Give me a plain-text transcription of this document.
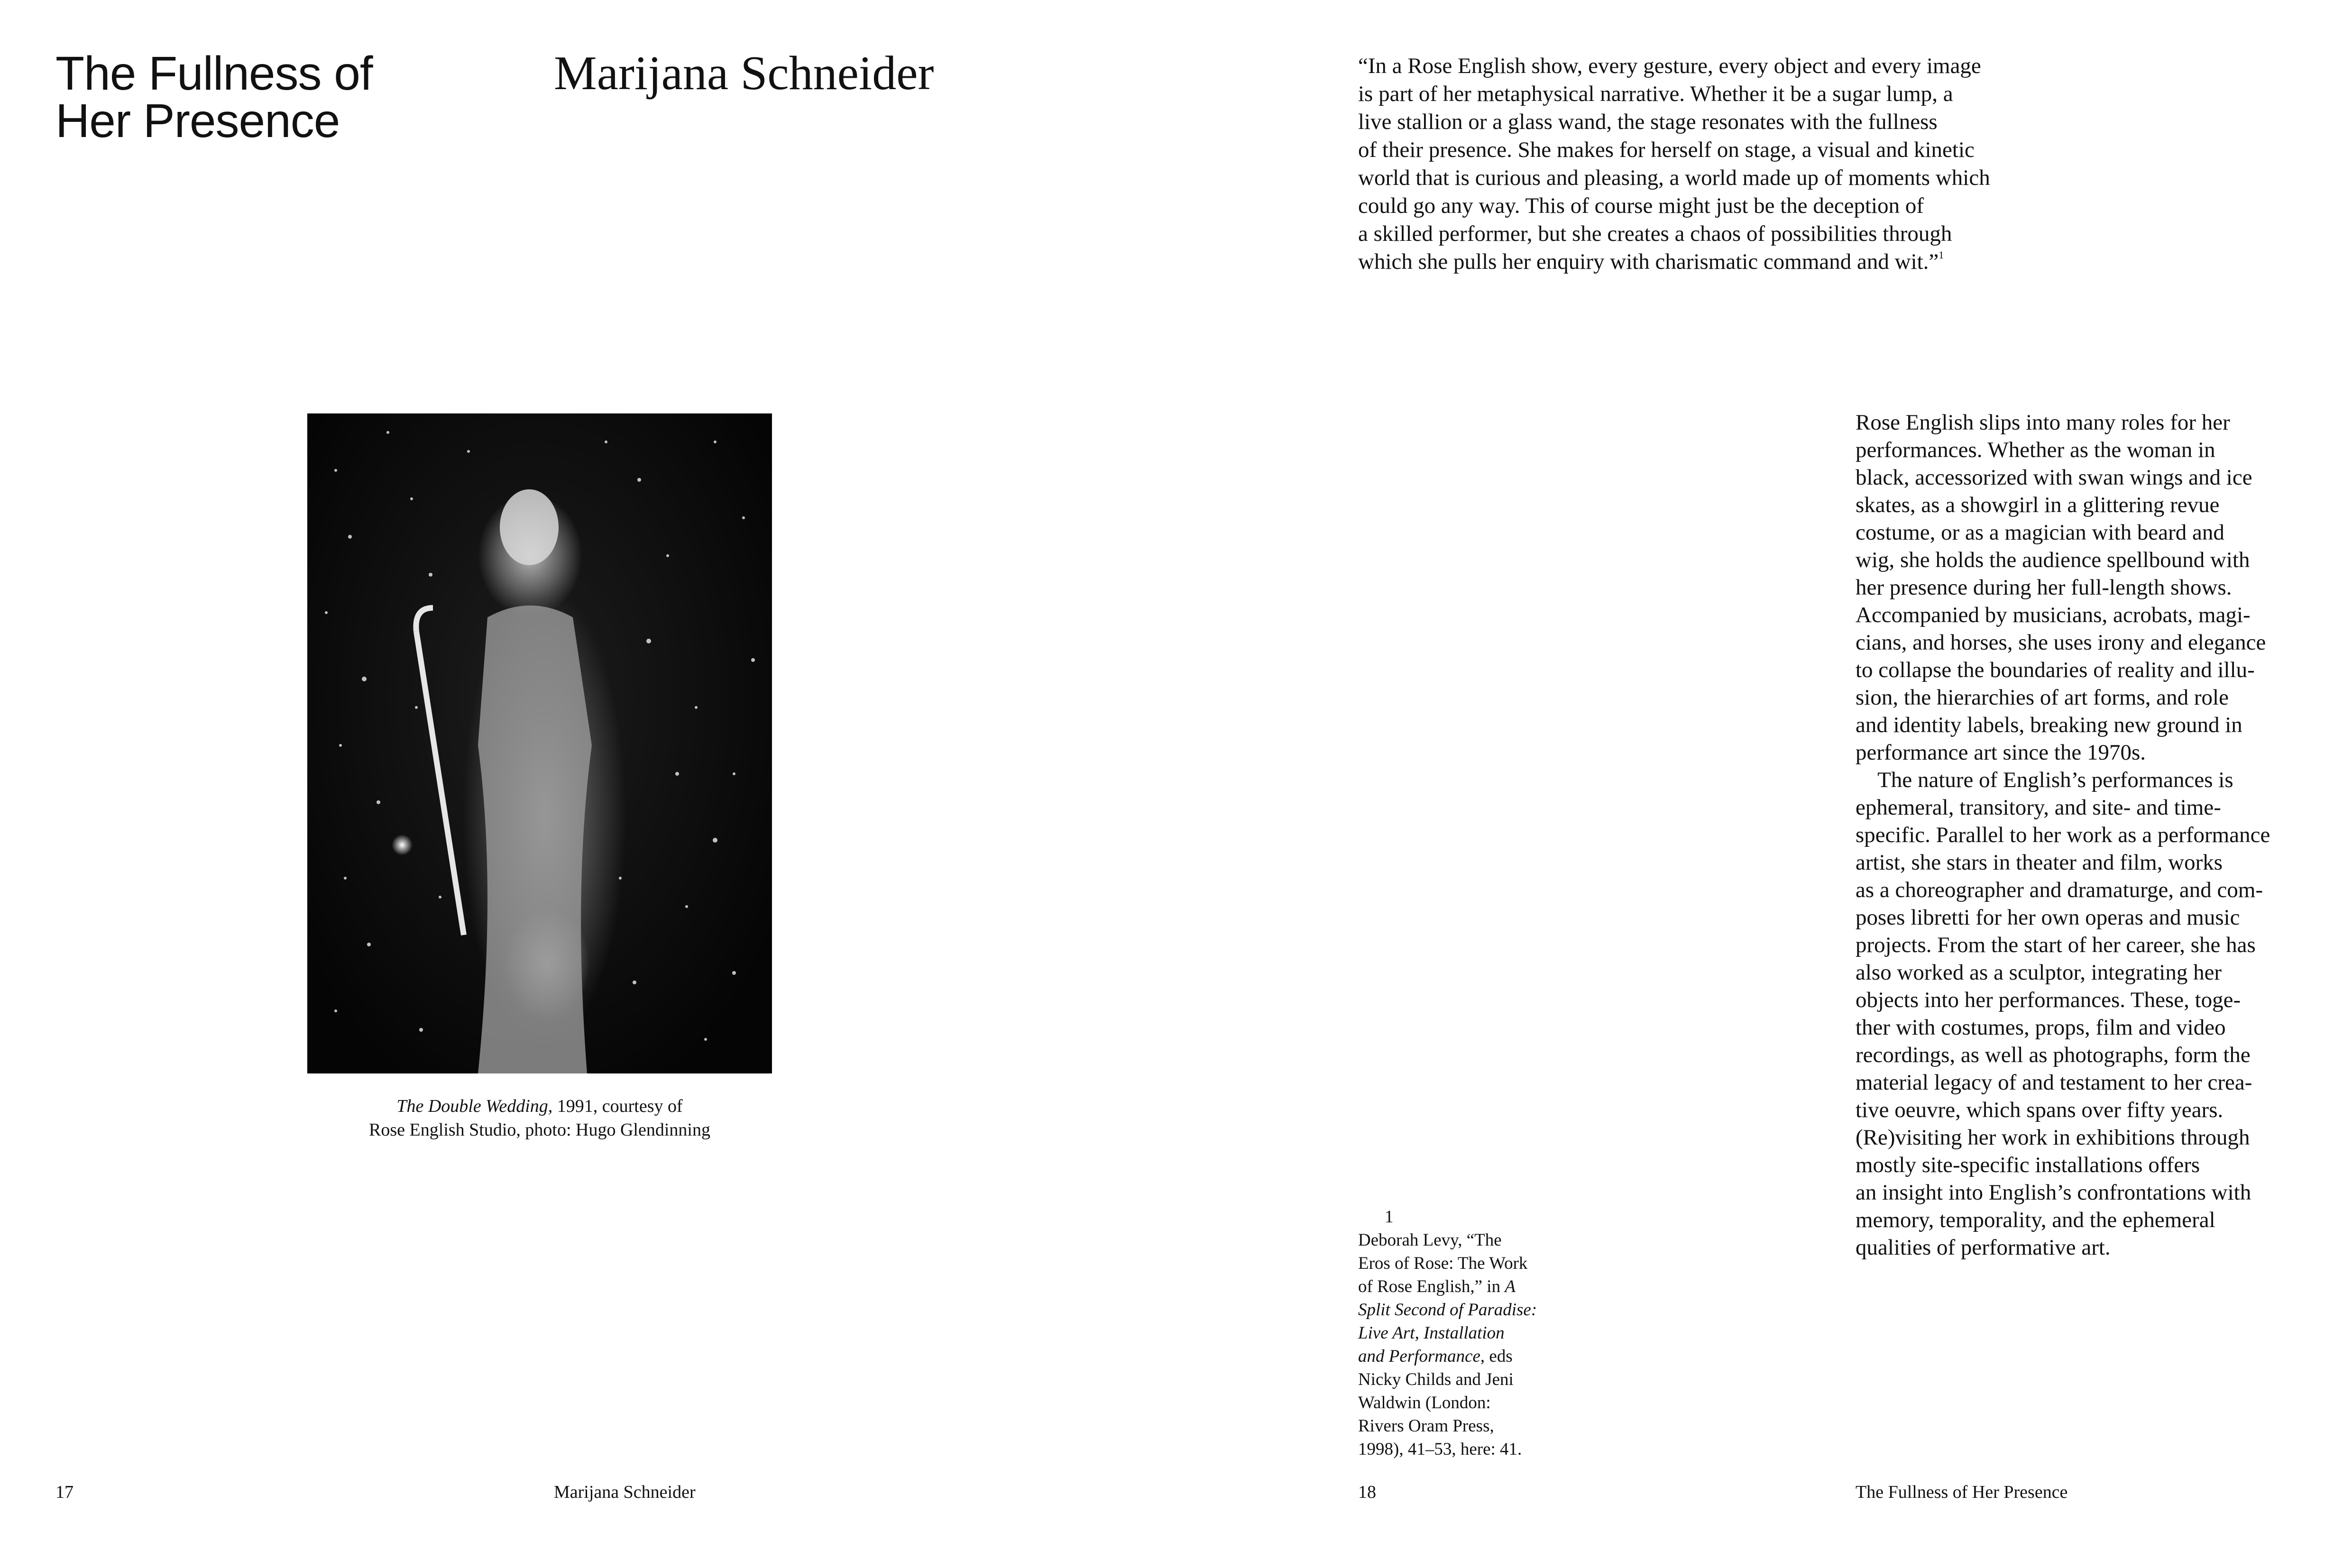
The Fullness of
Her Presence
Marijana Schneider
The Double Wedding, 1991, courtesy of
Rose English Studio, photo: Hugo Glendinning
17	Marijana Schneider
“In a Rose English show, every gesture, every object and every image
is part of her metaphysical narrative. Whether it be a sugar lump, a
live stallion or a glass wand, the stage resonates with the fullness
of their presence. She makes for herself on stage, a visual and kinetic
world that is curious and pleasing, a world made up of moments which
could go any way. This of course might just be the deception of
a skilled performer, but she creates a chaos of possibilities through
which she pulls her enquiry with charismatic command and wit.”$^1$
Rose English slips into many roles for her
performances. Whether as the woman in
black, accessorized with swan wings and ice
skates, as a showgirl in a glittering revue
costume, or as a magician with beard and
wig, she holds the audience spellbound with
her presence during her full-length shows.
Accompanied by musicians, acrobats, magi-
cians, and horses, she uses irony and elegance
to collapse the boundaries of reality and illu-
sion, the hierarchies of art forms, and role
and identity labels, breaking new ground in
performance art since the 1970s.
The nature of English’s performances is
ephemeral, transitory, and site- and time-
specific. Parallel to her work as a performance
artist, she stars in theater and film, works
as a choreographer and dramaturge, and com-
poses libretti for her own operas and music
projects. From the start of her career, she has
also worked as a sculptor, integrating her
objects into her performances. These, toge-
ther with costumes, props, film and video
recordings, as well as photographs, form the
material legacy of and testament to her crea-
tive oeuvre, which spans over fifty years.
(Re)visiting her work in exhibitions through
mostly site-specific installations offers
an insight into English’s confrontations with
memory, temporality, and the ephemeral
qualities of performative art.
1
Deborah Levy, “The
Eros of Rose: The Work
of Rose English,” in A
Split Second of Paradise:
Live Art, Installation
and Performance, eds
Nicky Childs and Jeni
Waldwin (London:
Rivers Oram Press,
1998), 41–53, here: 41.
18	The Fullness of Her Presence
